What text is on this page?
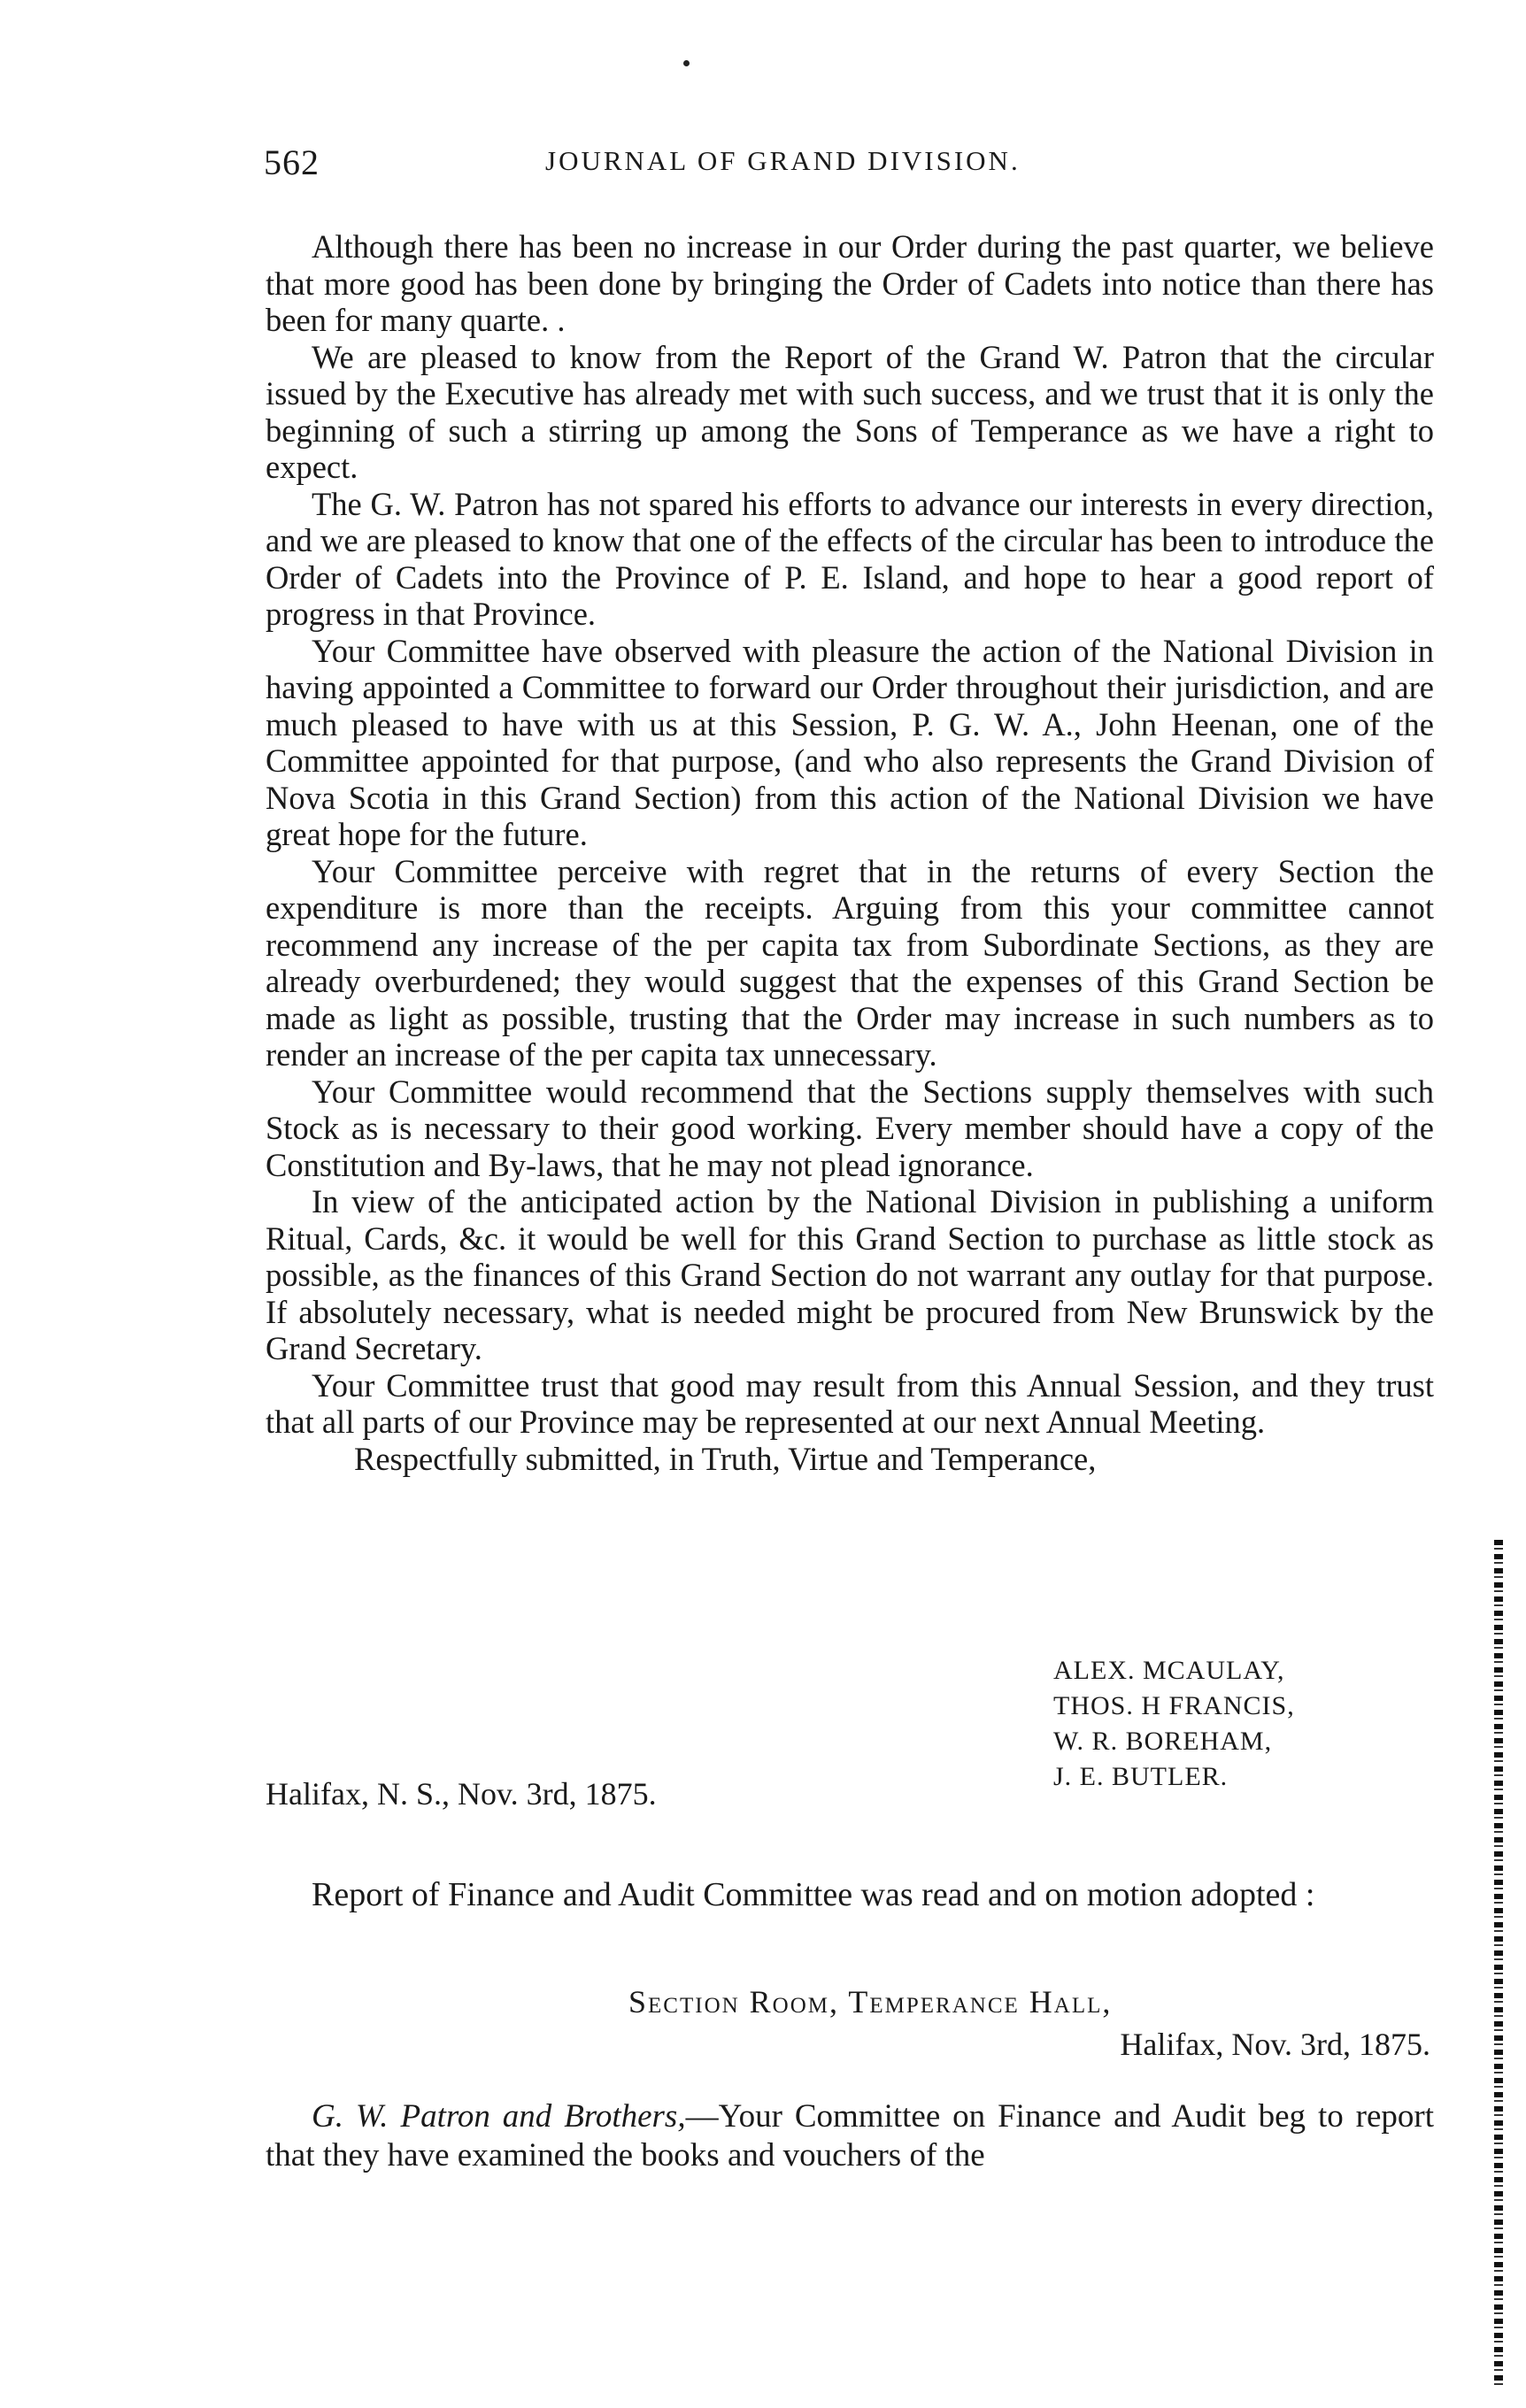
562	JOURNAL OF GRAND DIVISION.

Although there has been no increase in our Order during the past quarter, we believe that more good has been done by bringing the Order of Cadets into notice than there has been for many quarte. .

We are pleased to know from the Report of the Grand W. Patron that the circular issued by the Executive has already met with such success, and we trust that it is only the beginning of such a stirring up among the Sons of Temperance as we have a right to expect.

The G. W. Patron has not spared his efforts to advance our interests in every direction, and we are pleased to know that one of the effects of the circular has been to introduce the Order of Cadets into the Province of P. E. Island, and hope to hear a good report of progress in that Province.

Your Committee have observed with pleasure the action of the National Division in having appointed a Committee to forward our Order throughout their jurisdiction, and are much pleased to have with us at this Session, P. G. W. A., John Heenan, one of the Committee appointed for that purpose, (and who also represents the Grand Division of Nova Scotia in this Grand Section) from this action of the National Division we have great hope for the future.

Your Committee perceive with regret that in the returns of every Section the expenditure is more than the receipts. Arguing from this your committee cannot recommend any increase of the per capita tax from Subordinate Sections, as they are already overburdened; they would suggest that the expenses of this Grand Section be made as light as possible, trusting that the Order may increase in such numbers as to render an increase of the per capita tax unnecessary.

Your Committee would recommend that the Sections supply themselves with such Stock as is necessary to their good working. Every member should have a copy of the Constitution and By-laws, that he may not plead ignorance.

In view of the anticipated action by the National Division in publishing a uniform Ritual, Cards, &c. it would be well for this Grand Section to purchase as little stock as possible, as the finances of this Grand Section do not warrant any outlay for that purpose. If absolutely necessary, what is needed might be procured from New Brunswick by the Grand Secretary.

Your Committee trust that good may result from this Annual Session, and they trust that all parts of our Province may be represented at our next Annual Meeting.

Respectfully submitted, in Truth, Virtue and Temperance,

ALEX. MCAULAY,
THOS. H FRANCIS,
W. R. BOREHAM,
J. E. BUTLER.
Halifax, N. S., Nov. 3rd, 1875.

Report of Finance and Audit Committee was read and on motion adopted :

Section Room, Temperance Hall,
Halifax, Nov. 3rd, 1875.

G. W. Patron and Brothers,—Your Committee on Finance and Audit beg to report that they have examined the books and vouchers of the
